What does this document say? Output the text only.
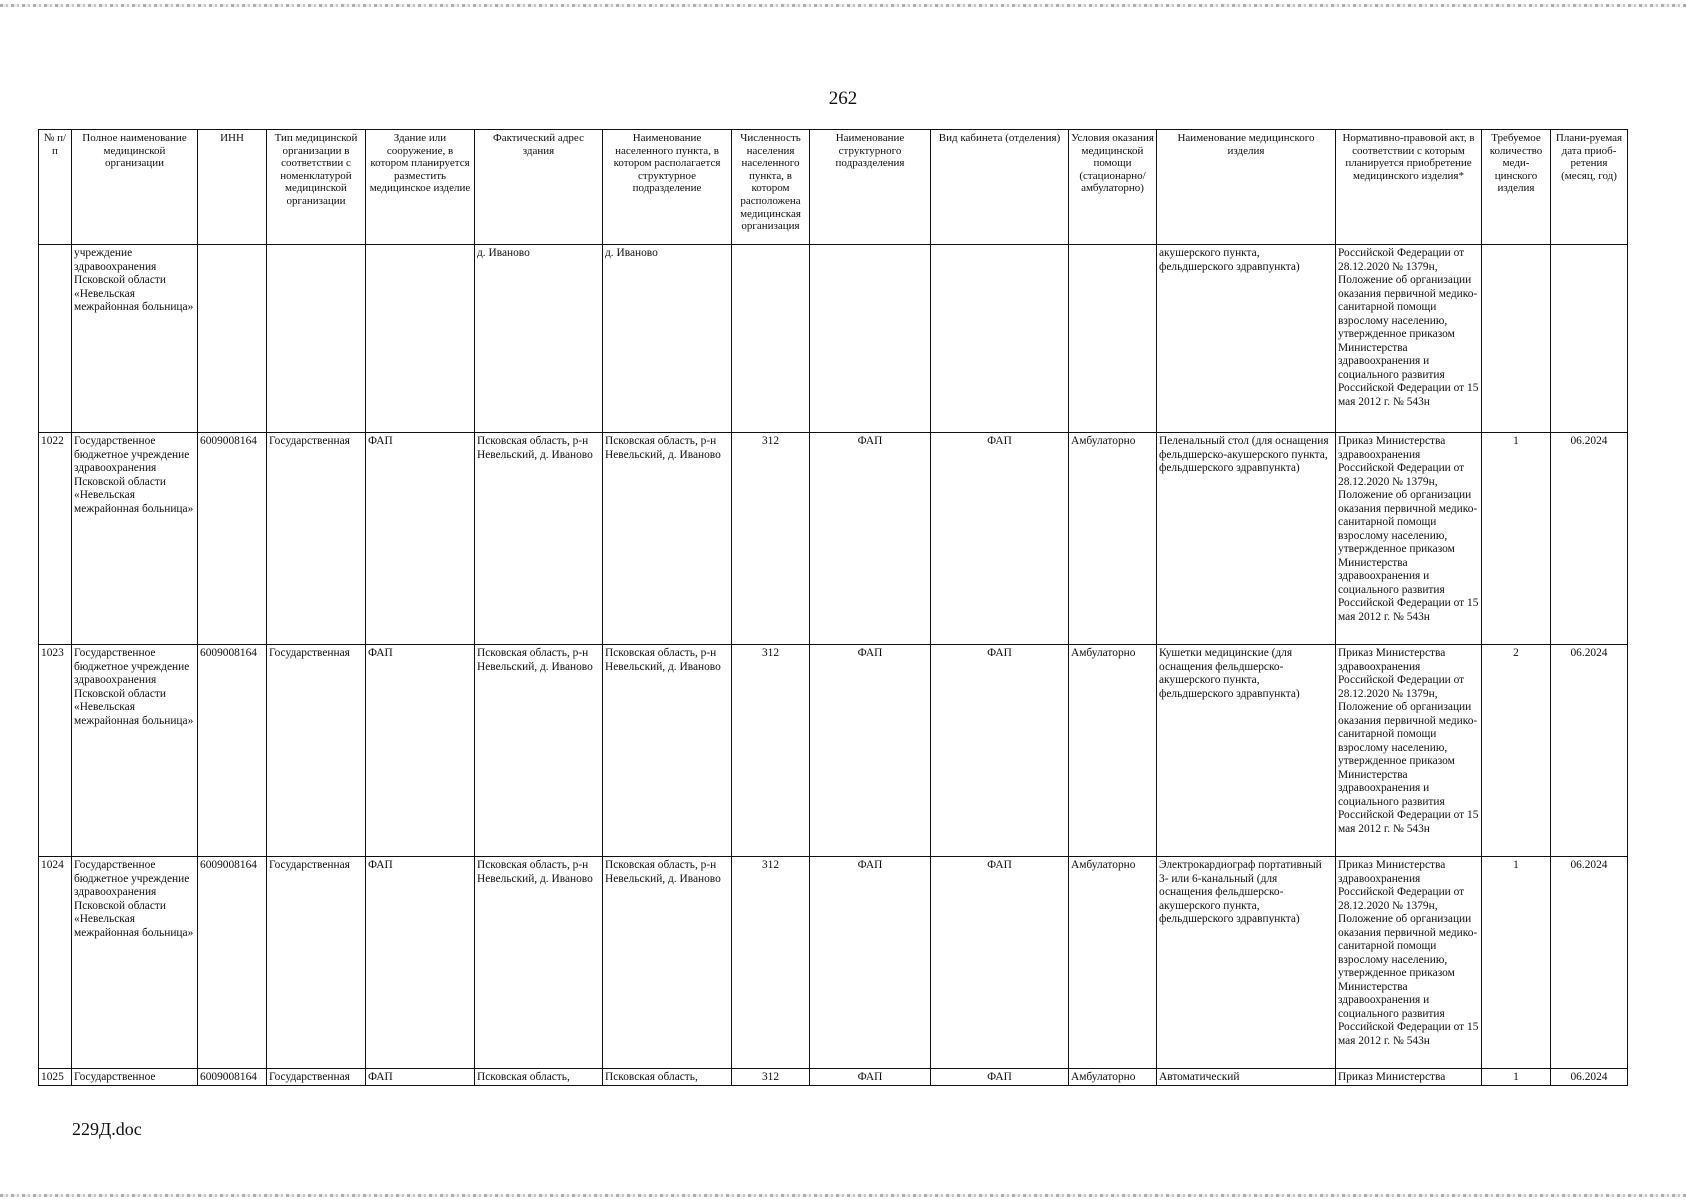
262
№ п/п	Полное наименование медицинской организации	ИНН	Тип медицинской организации в соответствии с номенклатурой медицинской организации	Здание или сооружение, в котором планируется разместить медицинское изделие	Фактический адрес здания	Наименование населенного пункта, в котором располагается структурное подразделение	Численность населения населенного пункта, в котором расположена медицинская организация	Наименование структурного подразделения	Вид кабинета (отделения)	Условия оказания медицинской помощи (стационарно/ амбулаторно)	Наименование медицинского изделия	Нормативно-правовой акт, в соответствии с которым планируется приобретение медицинского изделия*	Требуемое количество меди-цинского изделия	Плани-руемая дата приоб-ретения (месяц, год)
	учреждение здравоохранения Псковской области «Невельская межрайонная больница»				д. Иваново	д. Иваново					акушерского пункта, фельдшерского здравпункта)	Российской Федерации от 28.12.2020 № 1379н, Положение об организации оказания первичной медико-санитарной помощи взрослому населению, утвержденное приказом Министерства здравоохранения и социального развития Российской Федерации от 15 мая 2012 г. № 543н		
1022	Государственное бюджетное учреждение здравоохранения Псковской области «Невельская межрайонная больница»	6009008164	Государственная	ФАП	Псковская область, р-н Невельский, д. Иваново	Псковская область, р-н Невельский, д. Иваново	312	ФАП	ФАП	Амбулаторно	Пеленальный стол (для оснащения фельдшерско-акушерского пункта, фельдшерского здравпункта)	Приказ Министерства здравоохранения Российской Федерации от 28.12.2020 № 1379н, Положение об организации оказания первичной медико-санитарной помощи взрослому населению, утвержденное приказом Министерства здравоохранения и социального развития Российской Федерации от 15 мая 2012 г. № 543н	1	06.2024
1023	Государственное бюджетное учреждение здравоохранения Псковской области «Невельская межрайонная больница»	6009008164	Государственная	ФАП	Псковская область, р-н Невельский, д. Иваново	Псковская область, р-н Невельский, д. Иваново	312	ФАП	ФАП	Амбулаторно	Кушетки медицинские (для оснащения фельдшерско-акушерского пункта, фельдшерского здравпункта)	Приказ Министерства здравоохранения Российской Федерации от 28.12.2020 № 1379н, Положение об организации оказания первичной медико-санитарной помощи взрослому населению, утвержденное приказом Министерства здравоохранения и социального развития Российской Федерации от 15 мая 2012 г. № 543н	2	06.2024
1024	Государственное бюджетное учреждение здравоохранения Псковской области «Невельская межрайонная больница»	6009008164	Государственная	ФАП	Псковская область, р-н Невельский, д. Иваново	Псковская область, р-н Невельский, д. Иваново	312	ФАП	ФАП	Амбулаторно	Электрокардиограф портативный 3- или 6-канальный (для оснащения фельдшерско-акушерского пункта, фельдшерского здравпункта)	Приказ Министерства здравоохранения Российской Федерации от 28.12.2020 № 1379н, Положение об организации оказания первичной медико-санитарной помощи взрослому населению, утвержденное приказом Министерства здравоохранения и социального развития Российской Федерации от 15 мая 2012 г. № 543н	1	06.2024
1025	Государственное	6009008164	Государственная	ФАП	Псковская область,	Псковская область,	312	ФАП	ФАП	Амбулаторно	Автоматический	Приказ Министерства	1	06.2024
229Д.doc
